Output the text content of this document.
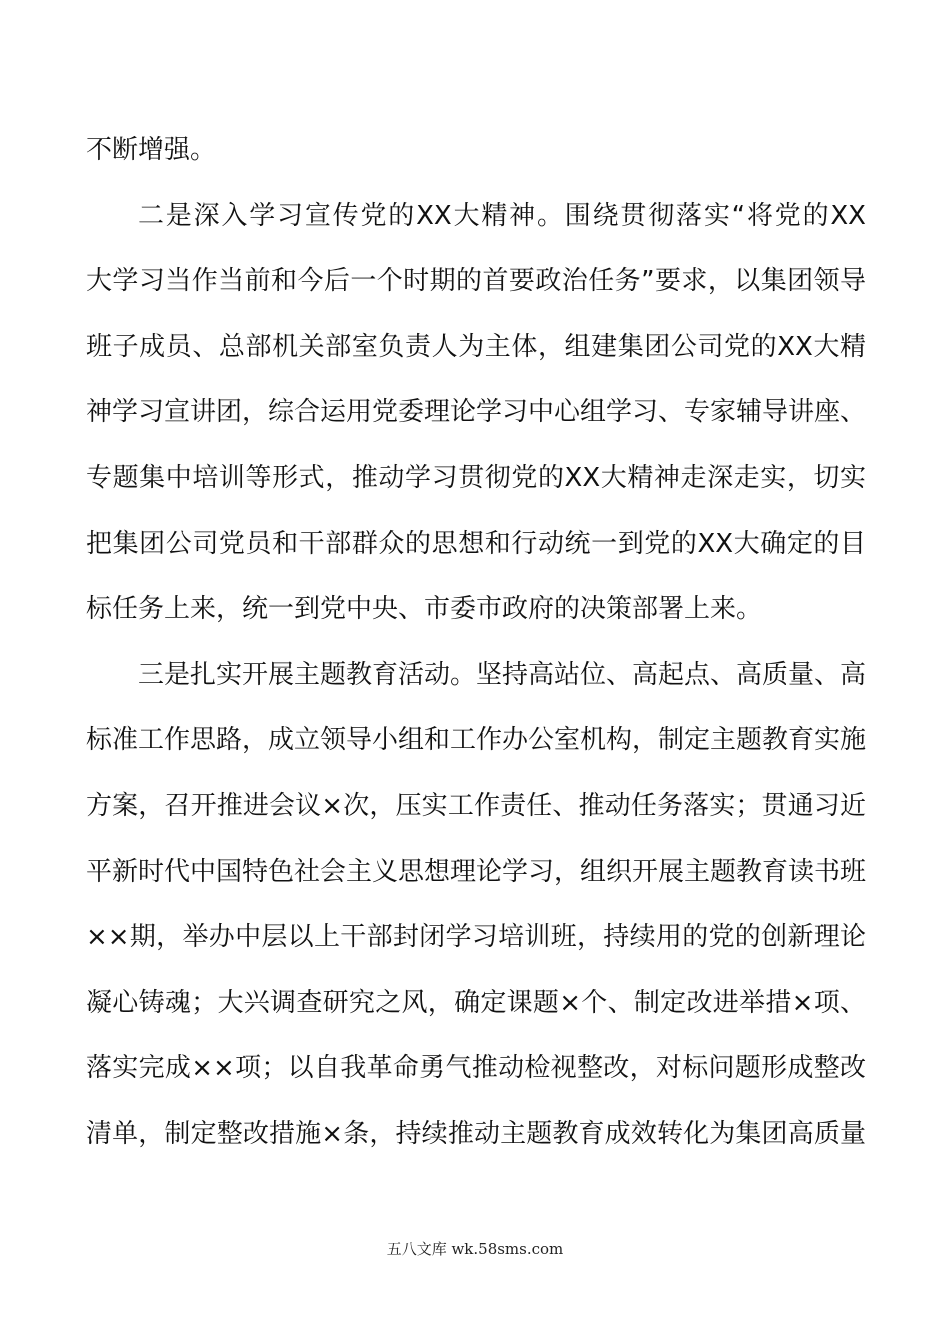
不断增强。
二是深入学习宣传党的XX大精神。围绕贯彻落实“将党的XX
大学习当作当前和今后一个时期的首要政治任务”要求，以集团领导
班子成员、总部机关部室负责人为主体，组建集团公司党的XX大精
神学习宣讲团，综合运用党委理论学习中心组学习、专家辅导讲座、
专题集中培训等形式，推动学习贯彻党的XX大精神走深走实，切实
把集团公司党员和干部群众的思想和行动统一到党的XX大确定的目
标任务上来，统一到党中央、市委市政府的决策部署上来。
三是扎实开展主题教育活动。坚持高站位、高起点、高质量、高
标准工作思路，成立领导小组和工作办公室机构，制定主题教育实施
方案，召开推进会议×次，压实工作责任、推动任务落实；贯通习近
平新时代中国特色社会主义思想理论学习，组织开展主题教育读书班
××期，举办中层以上干部封闭学习培训班，持续用的党的创新理论
凝心铸魂；大兴调查研究之风，确定课题×个、制定改进举措×项、
落实完成××项；以自我革命勇气推动检视整改，对标问题形成整改
清单，制定整改措施×条，持续推动主题教育成效转化为集团高质量
五八文库 wk.58sms.com
